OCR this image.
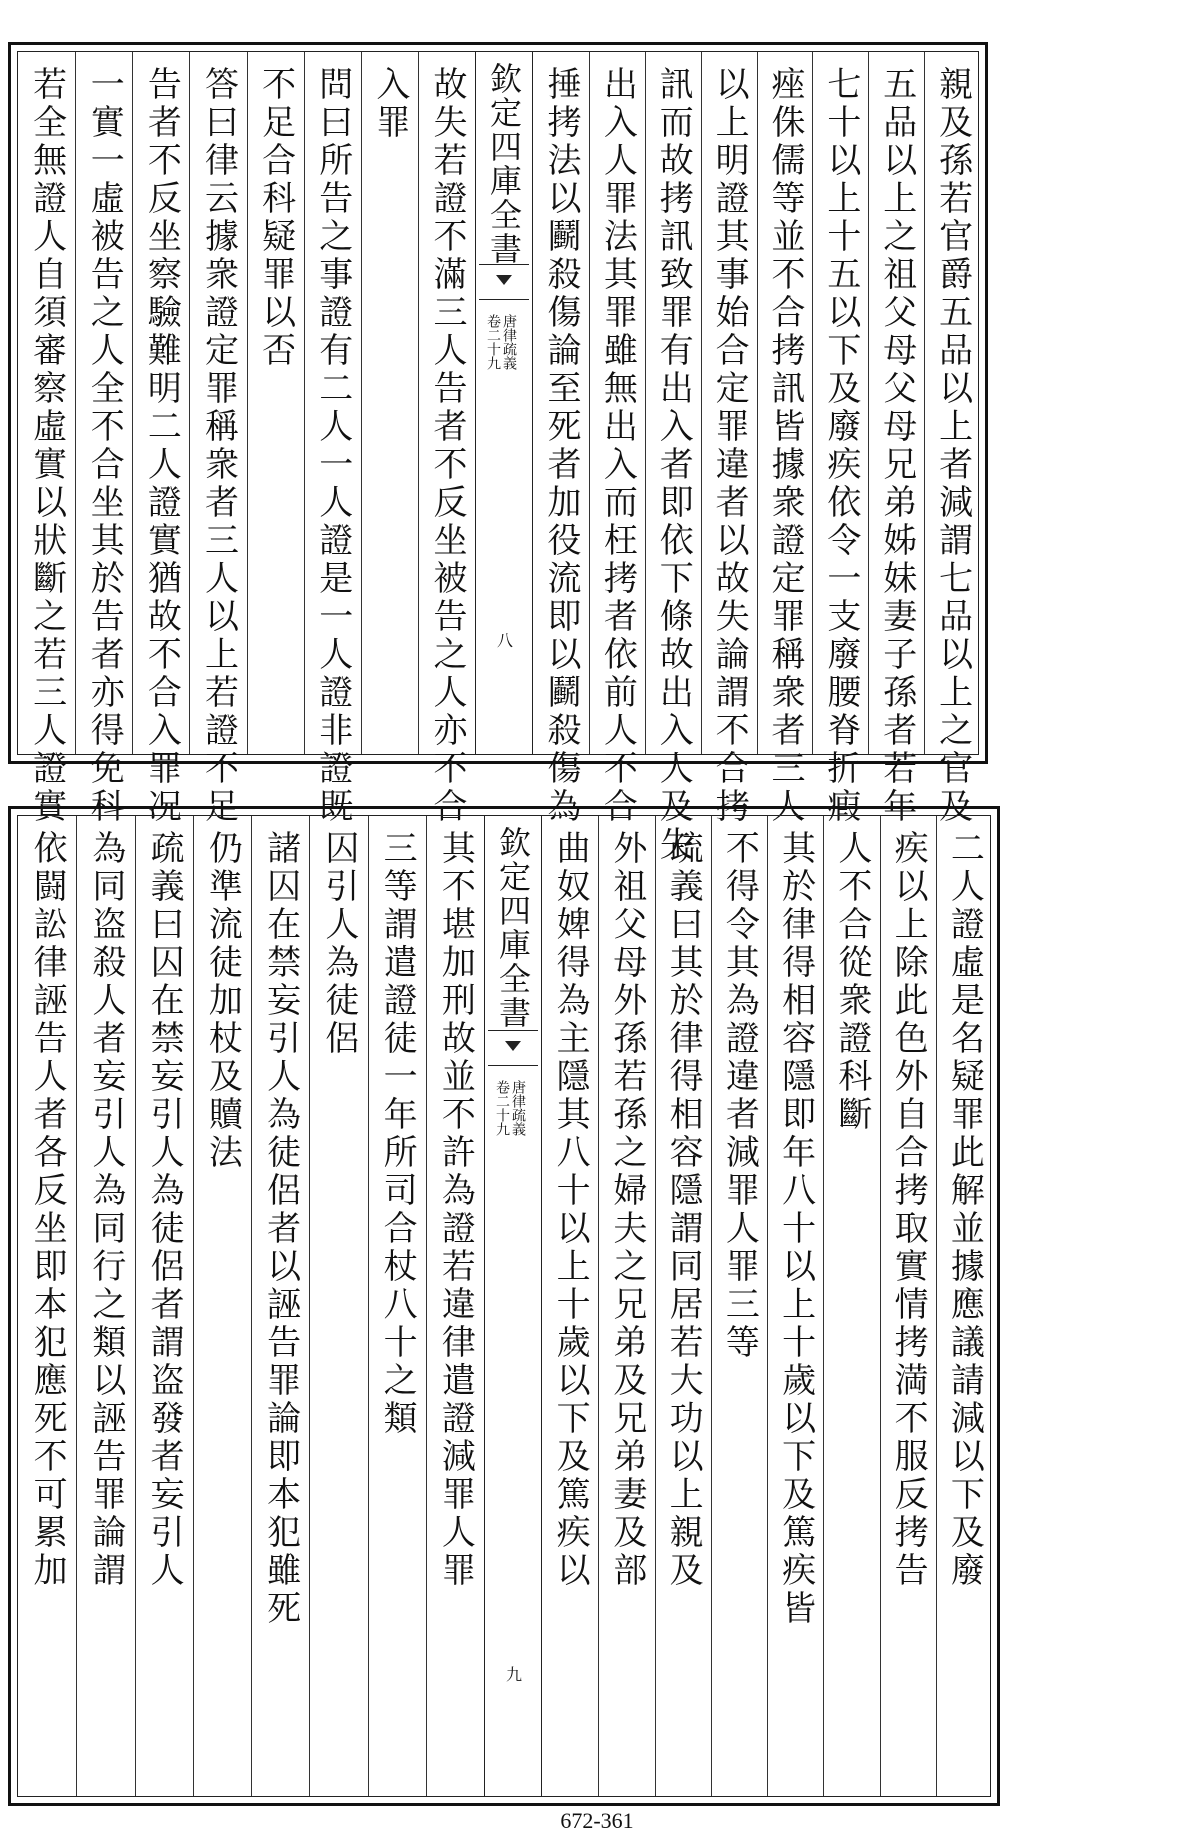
故失若證不滿三人告者不反坐被告之人亦不合
入罪
問曰所告之事證有二人一人證是一人證非證既
不足合科疑罪以否
答曰律云據衆證定罪稱衆者三人以上若證不足
告者不反坐察驗難明二人證實猶故不合入罪况
一實一虛被告之人全不合坐其於告者亦得免科
若全無證人自須審察虛實以狀斷之若三人證實	欽定四庫全書
卷二十九 唐律疏義
八	親及孫若官爵五品以上者減謂七品以上之官及
五品以上之祖父母父母兄弟姊妹妻子孫者若年
七十以上十五以下及廢疾依令一支廢腰脊折瘕
痤侏儒等並不合拷訊皆據衆證定罪稱衆者三人
以上明證其事始合定罪違者以故失論謂不合拷
訊而故拷訊致罪有出入者即依下條故出入人及失
出入人罪法其罪雖無出入而枉拷者依前人不合
捶拷法以鬬殺傷論至死者加役流即以鬬殺傷為
其不堪加刑故並不許為證若違律遣證減罪人罪
三等謂遣證徒一年所司合杖八十之類
囚引人為徒侶
諸囚在禁妄引人為徒侶者以誣告罪論即本犯雖死
仍準流徒加杖及贖法
疏義曰囚在禁妄引人為徒侶者謂盗發者妄引人
為同盗殺人者妄引人為同行之類以誣告罪論謂
依闘訟律誣告人者各反坐即本犯應死不可累加	欽定四庫全書
卷二十九 唐律疏義
九
二人證虛是名疑罪此解並據應議請減以下及廢
疾以上除此色外自合拷取實情拷満不服反拷告
人不合從衆證科斷
其於律得相容隱即年八十以上十歲以下及篤疾皆
不得令其為證違者減罪人罪三等
疏義曰其於律得相容隱謂同居若大功以上親及
外祖父母外孫若孫之婦夫之兄弟及兄弟妻及部
曲奴婢得為主隱其八十以上十歲以下及篤疾以
672-361
